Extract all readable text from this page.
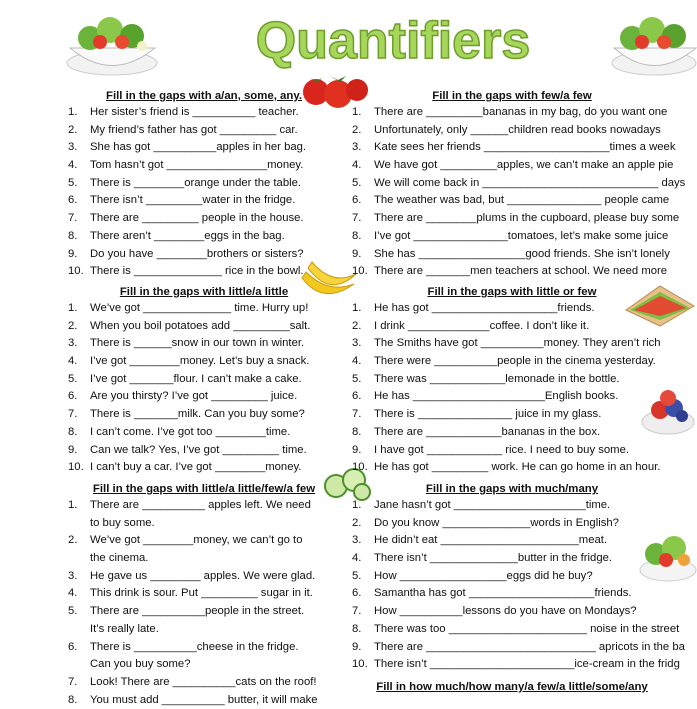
Quantifiers
Fill in the gaps with a/an, some, any.
1.	Her sister’s friend is __________ teacher.
2.	My friend’s father has got _________ car.
3.	She has got __________apples in her bag.
4.	Tom hasn’t got ________________money.
5.	There is ________orange under the table.
6.	There isn’t _________water in the fridge.
7.	There are _________ people in the house.
8.	There aren’t ________eggs in the bag.
9.	Do you have ________brothers or sisters?
10. There is ______________ rice in the bowl.
Fill in the gaps with few/a few
1.	There are _________bananas in my bag, do you want one
2.	Unfortunately, only ______children read books nowadays
3.	Kate sees her friends ____________________times a week
4.	We have got _________apples, we can’t make an apple pie
5.	We will come back in ____________________________ days
6.	The weather was bad, but _______________ people came
7.	There are ________plums in the cupboard, please buy some
8.	I’ve got _______________tomatoes, let’s make some juice
9.	She has _________________good friends. She isn’t lonely
10. There are _______men teachers at school. We need more
Fill in the gaps with little/a little
1.	We’ve got ______________ time. Hurry up!
2.	When you boil potatoes add _________salt.
3.	There is ______snow in our town in winter.
4.	I’ve got ________money. Let’s buy a snack.
5.	I’ve got _______flour. I can’t make a cake.
6.	Are you thirsty? I’ve got _________ juice.
7.	There is _______milk. Can you buy some?
8.	I can’t come. I’ve got too ________time.
9.	Can we talk? Yes, I’ve got _________ time.
10. I can’t buy a car. I’ve got ________money.
Fill in the gaps with little or few
1.	He has got ____________________friends.
2.	I drink _____________coffee. I don’t like it.
3.	The Smiths have got __________money. They aren’t rich
4.	There were __________people in the cinema yesterday.
5.	There was ____________lemonade in the bottle.
6.	He has _____________________English books.
7.	There is _______________ juice in my glass.
8.	There are ____________bananas in the box.
9.	I have got ____________ rice. I need to buy some.
10. He has got _________ work. He can go home in an hour.
Fill in the gaps with little/a little/few/a few
1.	There are __________ apples left. We need
to buy some.
2.	We’ve got ________money, we can’t go to
the cinema.
3.	He gave us ________ apples. We were glad.
4.	This drink is sour. Put _________ sugar in it.
5.	There are __________people in the street.
It’s really late.
6.	There is __________cheese in the fridge.
Can you buy some?
7.	Look! There are __________cats on the roof!
8.	You must add __________ butter, it will make
Fill in the gaps with much/many
1.	Jane hasn’t got _____________________time.
2.	Do you know ______________words in English?
3.	He didn’t eat ______________________meat.
4.	There isn’t ______________butter in the fridge.
5.	How _________________eggs did he buy?
6.	Samantha has got ____________________friends.
7.	How __________lessons do you have on Mondays?
8.	There was too ______________________ noise in the street
9.	There are ___________________________ apricots in the ba
10. There isn’t _______________________ice-cream in the fridg
Fill in how much/how many/a few/a little/some/any
